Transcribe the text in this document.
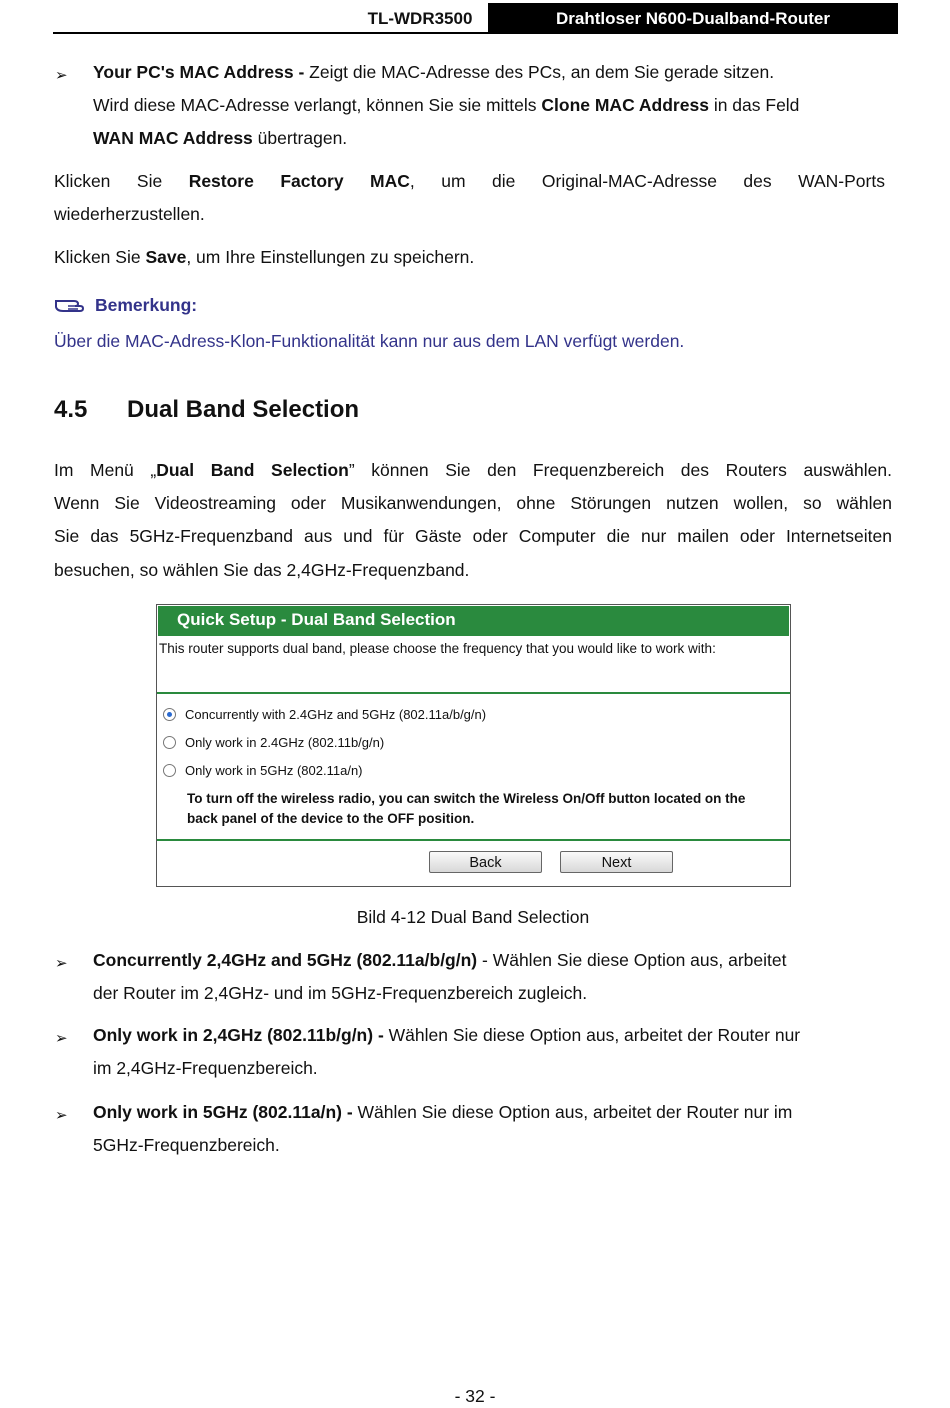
TL-WDR3500	Drahtloser N600-Dualband-Router
➢ Your PC's MAC Address - Zeigt die MAC-Adresse des PCs, an dem Sie gerade sitzen.
Wird diese MAC-Adresse verlangt, können Sie sie mittels Clone MAC Address in das Feld
WAN MAC Address übertragen.
Klicken Sie Restore Factory MAC, um die Original-MAC-Adresse des WAN-Ports
wiederherzustellen.
Klicken Sie Save, um Ihre Einstellungen zu speichern.
Bemerkung:
Über die MAC-Adress-Klon-Funktionalität kann nur aus dem LAN verfügt werden.
4.5 Dual Band Selection
Im Menü „Dual Band Selection” können Sie den Frequenzbereich des Routers auswählen.
Wenn Sie Videostreaming oder Musikanwendungen, ohne Störungen nutzen wollen, so wählen
Sie das 5GHz-Frequenzband aus und für Gäste oder Computer die nur mailen oder Internetseiten
besuchen, so wählen Sie das 2,4GHz-Frequenzband.
Quick Setup - Dual Band Selection
This router supports dual band, please choose the frequency that you would like to work with:
Concurrently with 2.4GHz and 5GHz (802.11a/b/g/n)
Only work in 2.4GHz (802.11b/g/n)
Only work in 5GHz (802.11a/n)
To turn off the wireless radio, you can switch the Wireless On/Off button located on the
back panel of the device to the OFF position.
Back	Next
Bild 4-12 Dual Band Selection
➢ Concurrently 2,4GHz and 5GHz (802.11a/b/g/n) - Wählen Sie diese Option aus, arbeitet
der Router im 2,4GHz- und im 5GHz-Frequenzbereich zugleich.
➢ Only work in 2,4GHz (802.11b/g/n) - Wählen Sie diese Option aus, arbeitet der Router nur
im 2,4GHz-Frequenzbereich.
➢ Only work in 5GHz (802.11a/n) - Wählen Sie diese Option aus, arbeitet der Router nur im
5GHz-Frequenzbereich.
- 32 -
